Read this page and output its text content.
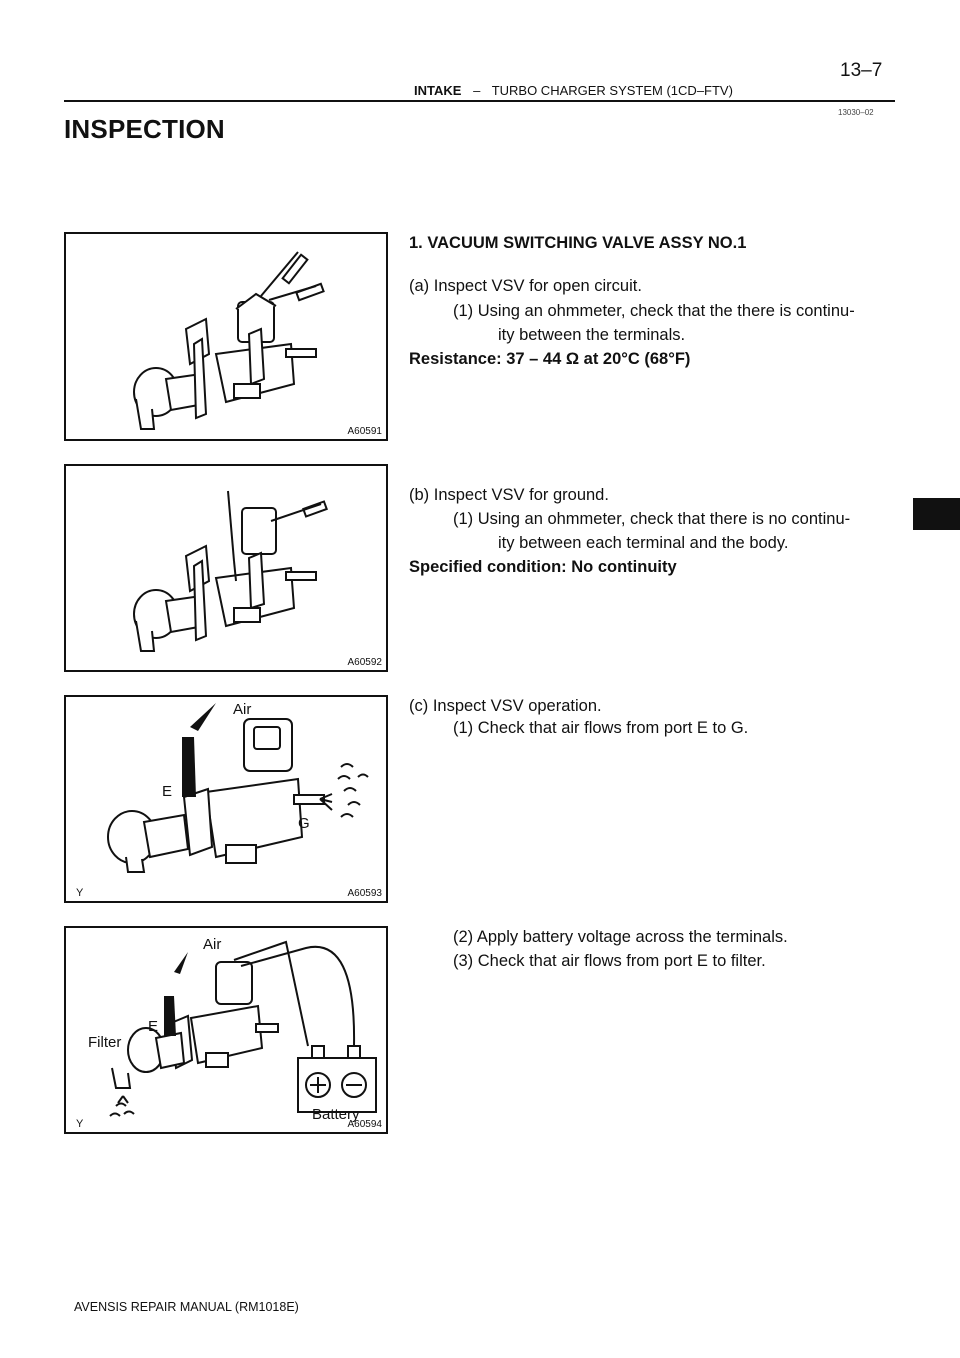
13–7
INTAKE – TURBO CHARGER SYSTEM (1CD–FTV)
13030–02
INSPECTION
A60591
A60592
Air
E
G
Y	A60593
Air
E
Filter
Battery
Y	A60594
1. VACUUM SWITCHING VALVE ASSY NO.1
(a) Inspect VSV for open circuit.
(1) Using an ohmmeter, check that the there is continu-
ity between the terminals.
Resistance: 37 – 44 Ω at 20°C (68°F)
(b) Inspect VSV for ground.
(1) Using an ohmmeter, check that there is no continu-
ity between each terminal and the body.
Specified condition: No continuity
(c) Inspect VSV operation.
(1) Check that air flows from port E to G.
(2) Apply battery voltage across the terminals.
(3) Check that air flows from port E to filter.
AVENSIS REPAIR MANUAL (RM1018E)
